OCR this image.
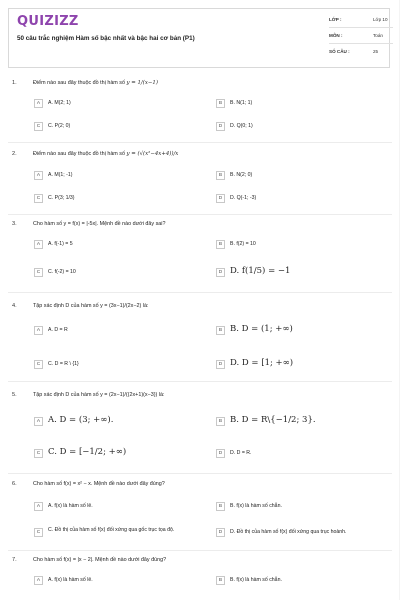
QUIZIZZ
50 câu trắc nghiệm Hàm số bậc nhất và bậc hai cơ bản (P1)
LỚP :	Lớp 10
MÔN :	Toán
SỐ CÂU :	25
1.	Điểm nào sau đây thuộc đồ thị hàm số y = 1/(x−1)
A	A. M(2; 1)	B	B. N(1; 1)
C	C. P(2; 0)	D	D. Q(0; 1)
2.	Điểm nào sau đây thuộc đồ thị hàm số y = (√(x²−4x+4))/x
A	A. M(1; -1)	B	B. N(2; 0)
C	C. P(3; 1/3)	D	D. Q(-1; -3)
3.	Cho hàm số y = f(x) = |-5x|. Mệnh đề nào dưới đây sai?
A	A. f(-1) = 5	B	B. f(2) = 10
C	C. f(-2) = 10	D D. f(1/5) = −1
4.	Tập xác định D của hàm số y = (3x−1)/(2x−2) là:
A	A. D = R	B B. D = (1; +∞)
C	C. D = R \ {1}	D D. D = [1; +∞)
5.	Tập xác định D của hàm số y = (2x−1)/((2x+1)(x−3)) là:
A A. D = (3; +∞).	B B. D = R\{−1/2; 3}.
C C. D = [−1/2; +∞)	D	D. D = R.
6.	Cho hàm số f(x) = x² − x. Mệnh đề nào dưới đây đúng?
A	A. f(x) là hàm số lẻ.	B	B. f(x) là hàm số chẵn.
C	C. Đồ thị của hàm số f(x) đối xứng qua gốc trục tọa độ.	D	D. Đồ thị của hàm số f(x) đối xứng qua trục hoành.
7.	Cho hàm số f(x) = |x − 2|. Mệnh đề nào dưới đây đúng?
A	A. f(x) là hàm số lẻ.	B	B. f(x) là hàm số chẵn.
